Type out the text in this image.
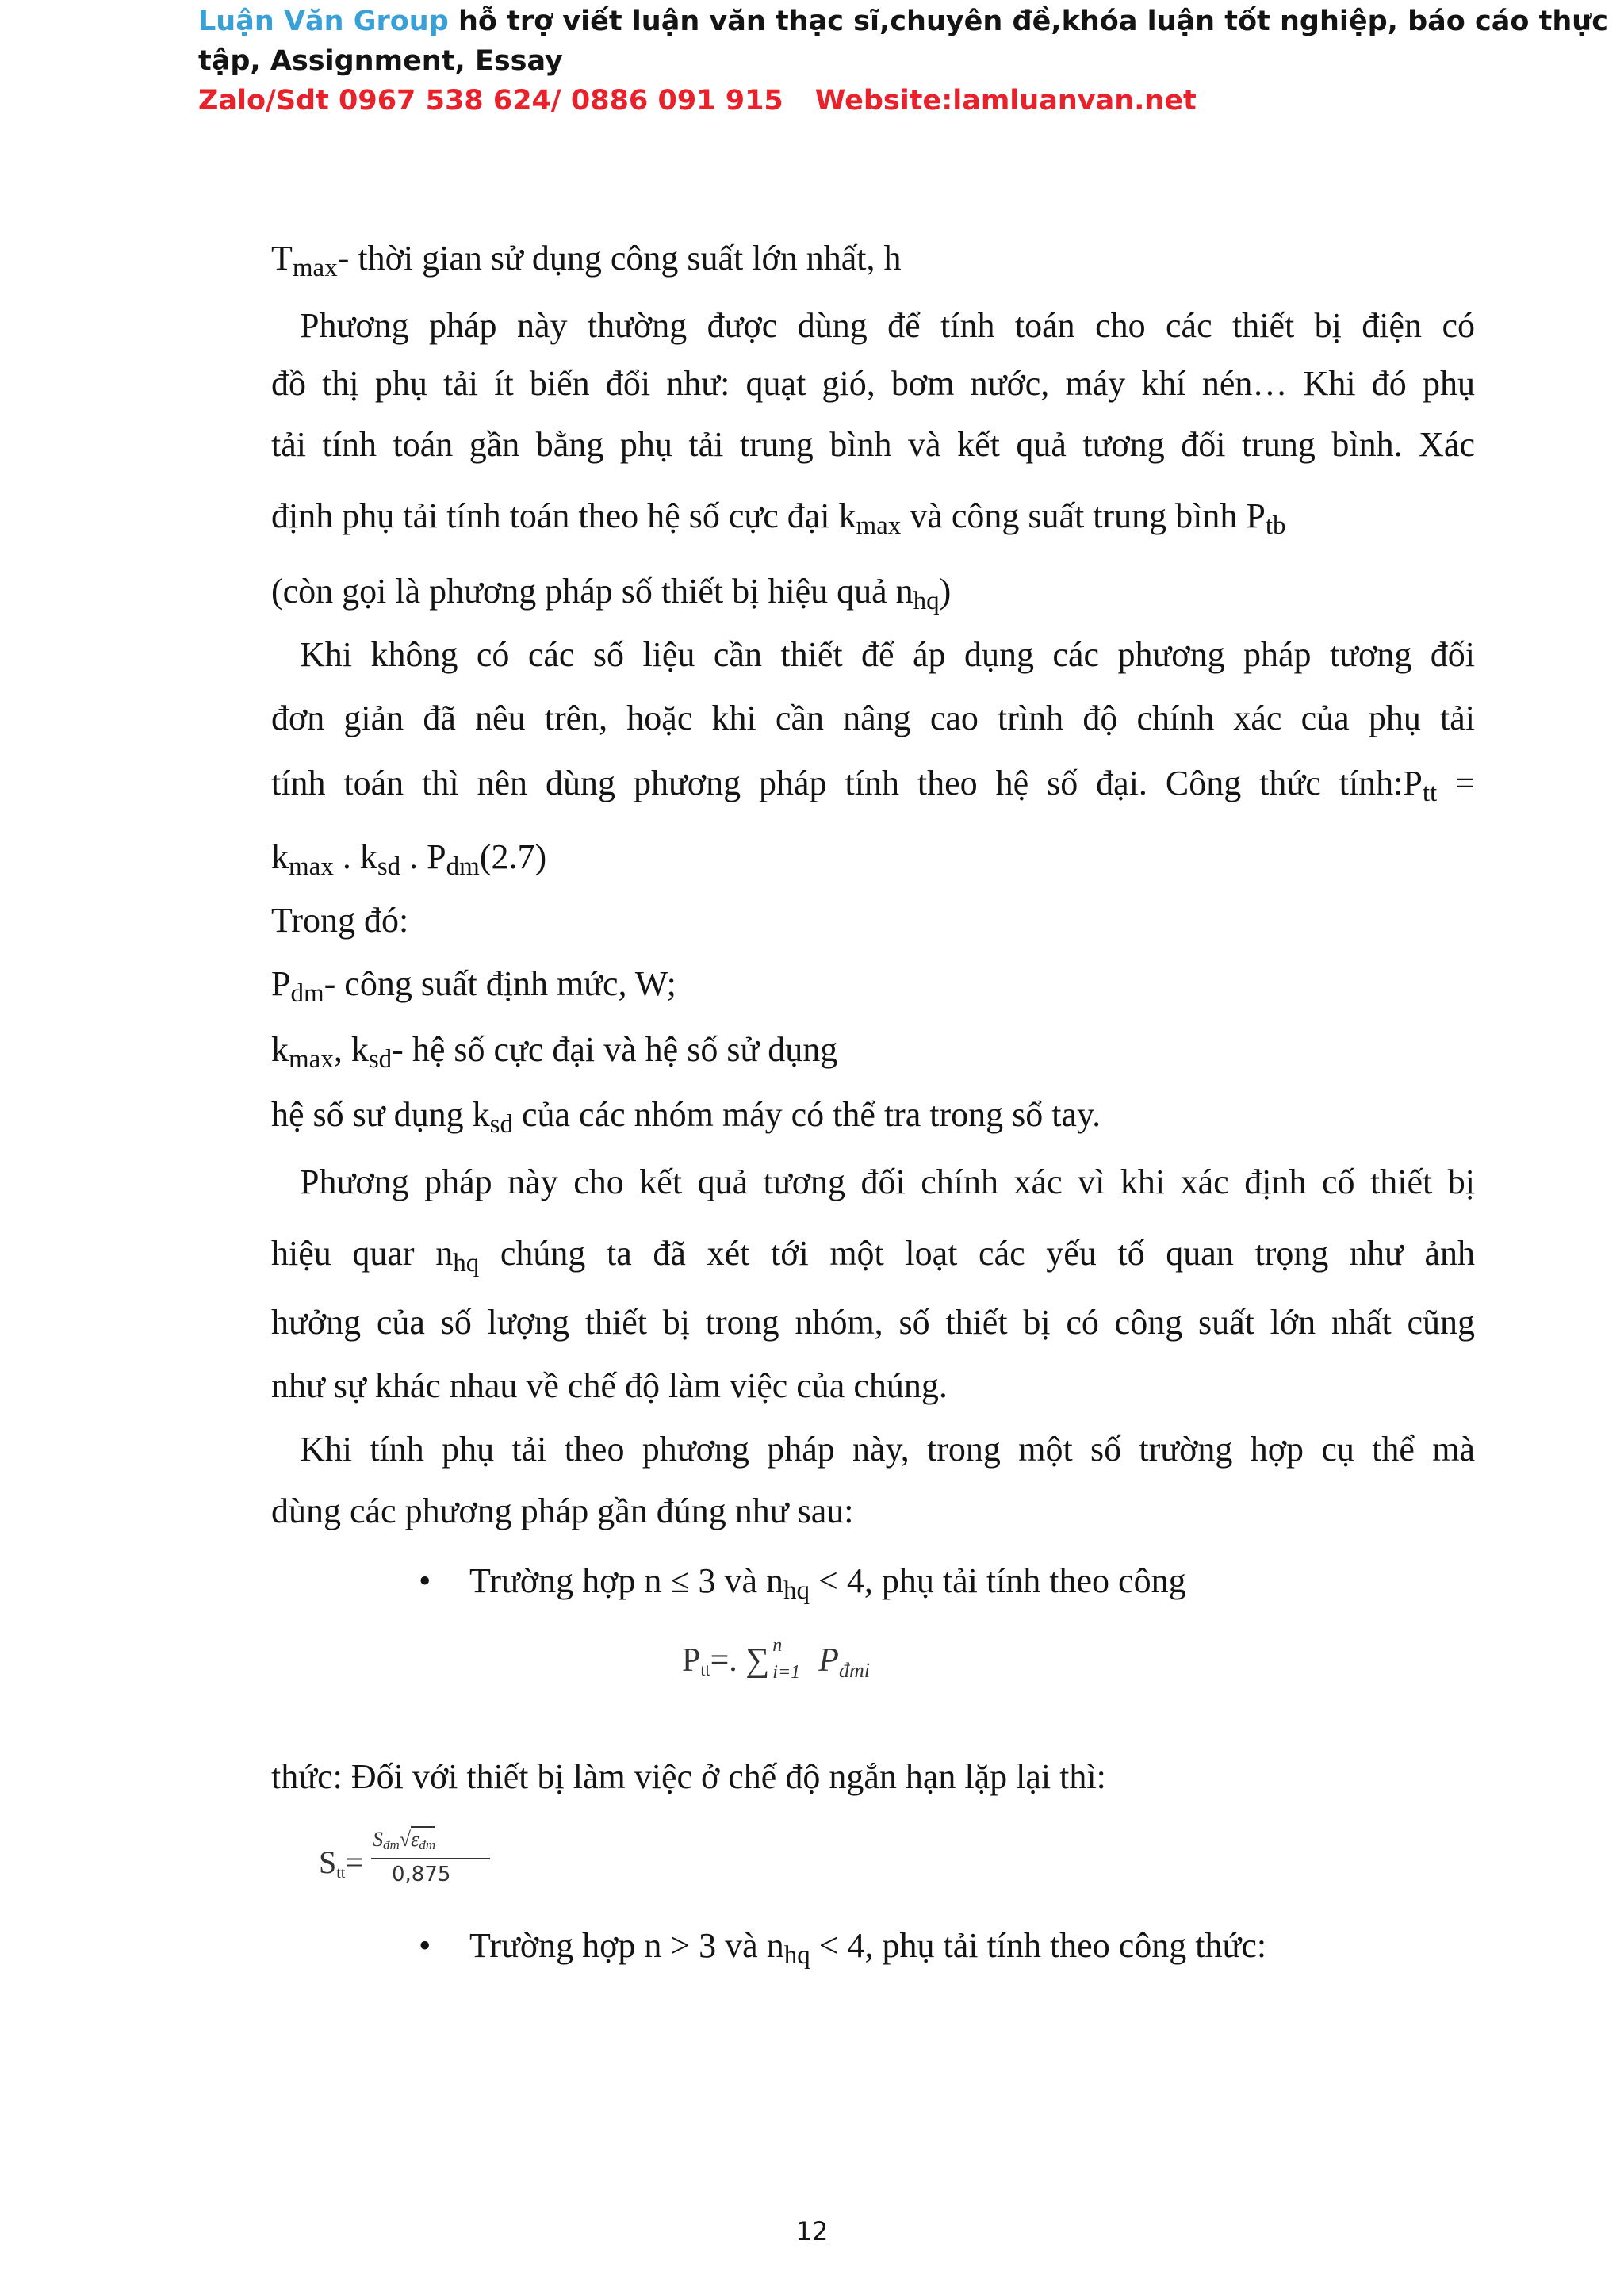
Luận Văn Group hỗ trợ viết luận văn thạc sĩ,chuyên đề,khóa luận tốt nghiệp, báo cáo thực
tập, Assignment, Essay
Zalo/Sdt 0967 538 624/ 0886 091 915 Website:lamluanvan.net
$T_{max}-$ thời gian sử dụng công suất lớn nhất, h
Phương pháp này thường được dùng để tính toán cho các thiết bị điện có
đồ thị phụ tải ít biến đổi như: quạt gió, bơm nước, máy khí nén… Khi đó phụ
tải tính toán gần bằng phụ tải trung bình và kết quả tương đối trung bình. Xác
định phụ tải tính toán theo hệ số cực đại $k_{max}$ và công suất trung bình $P_{tb}$
(còn gọi là phương pháp số thiết bị hiệu quả $n_{hq}$)
Khi không có các số liệu cần thiết để áp dụng các phương pháp tương đối
đơn giản đã nêu trên, hoặc khi cần nâng cao trình độ chính xác của phụ tải
tính toán thì nên dùng phương pháp tính theo hệ số đại. Công thức $tính:P_{tt}$ =
$k_{max}$ . $k_{sd}$ . $P_{dm}(2.7)$
Trong đó:
$P_{dm}-$ công suất định mức, W;
$k_{max}$, $k_{sd}-$ hệ số cực đại và hệ số sử dụng
hệ số sư dụng $k_{sd}$ của các nhóm máy có thể tra trong sổ tay.
Phương pháp này cho kết quả tương đối chính xác vì khi xác định cố thiết bị
hiệu quar $n_{hq}$ chúng ta đã xét tới một loạt các yếu tố quan trọng như ảnh
hưởng của số lượng thiết bị trong nhóm, số thiết bị có công suất lớn nhất cũng
như sự khác nhau về chế độ làm việc của chúng.
Khi tính phụ tải theo phương pháp này, trong một số trường hợp cụ thể mà
dùng các phương pháp gần đúng như sau:
• Trường hợp n ≤ 3 và $n_{hq} < 4$, phụ tải tính theo công
$P_{tt}=$. ∑ n
i=1 $P_{đmi}$
thức: Đối với thiết bị làm việc ở chế độ ngắn hạn lặp lại thì:
$S_{tt}=$
$S_{đm}√\varepsilon_{đm}$
0,875
• Trường hợp n > 3 và $n_{hq} < 4$, phụ tải tính theo công thức:
12
